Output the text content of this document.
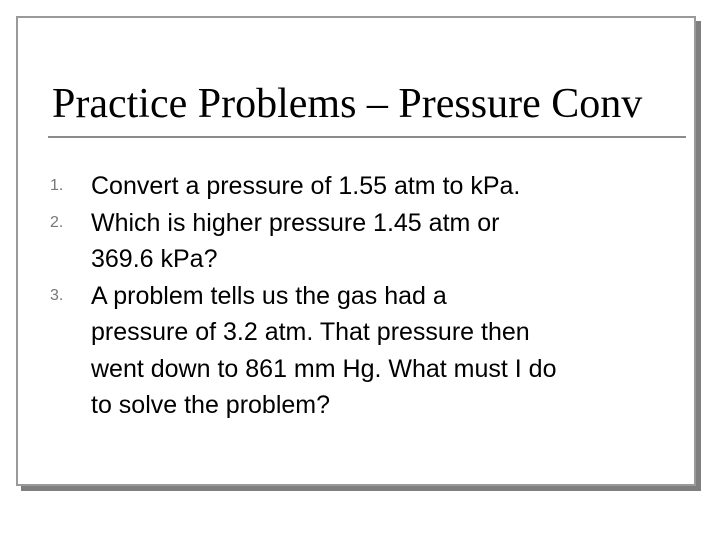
Practice Problems – Pressure Conv
1. Convert a pressure of 1.55 atm to kPa.
2. Which is higher pressure 1.45 atm or
369.6 kPa?
3. A problem tells us the gas had a
pressure of 3.2 atm. That pressure then
went down to 861 mm Hg. What must I do
to solve the problem?
